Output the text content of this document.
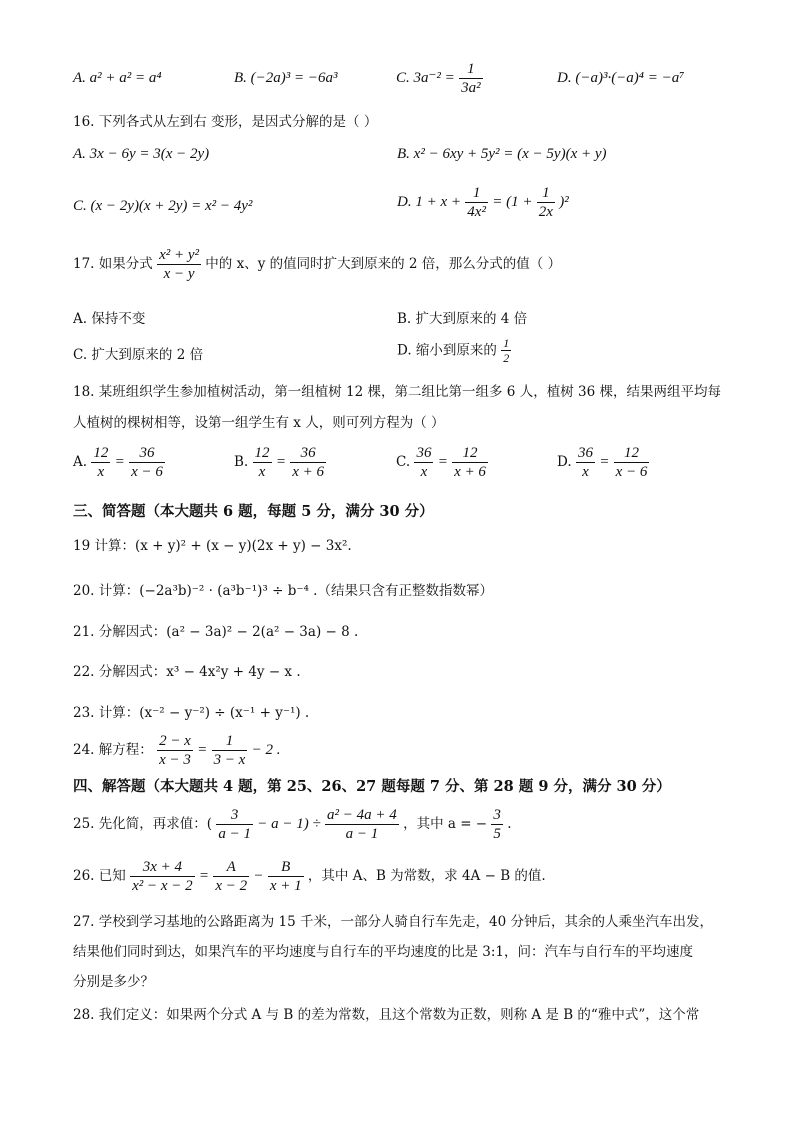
A. a² + a² = a⁴	B. (−2a)³ = −6a³	C. $3a^{-2} = \frac{1}{\text{3a²}}$	D. (−a)³·(−a)⁴ = −a⁷
16. 下列各式从左到右 变形，是因式分解的是（ ）
A. 3x − 6y = 3(x − 2y)	B. x² − 6xy + 5y² = (x − 5y)(x + y)
C. (x − 2y)(x + 2y) = x² − 4y²	D. $1 + x + \frac{1}{\text{4x²}} = (1 + \frac{1}{2x} )^2$
17. 如果分式 $\frac{\text{x² + y²}}{x - y}$ 中的 x、y 的值同时扩大到原来的 2 倍，那么分式的值（ ）
A. 保持不变	B. 扩大到原来的 4 倍
C. 扩大到原来的 2 倍	D. 缩小到原来的 $\frac{1}{2}$
18. 某班组织学生参加植树活动，第一组植树 12 棵，第二组比第一组多 6 人，植树 36 棵，结果两组平均每
人植树的棵树相等，设第一组学生有 x 人，则可列方程为（ ）
A. $\frac{12}{x} = \frac{36}{x - 6}$	B. $\frac{12}{x} = \frac{36}{x + 6}$	C. $\frac{36}{x} = \frac{12}{x + 6}$	D. $\frac{36}{x} = \frac{12}{x - 6}$
三、简答题（本大题共 6 题，每题 5 分，满分 30 分）
19 计算：(x + y)² + (x − y)(2x + y) − 3x².
20. 计算：(−2a³b)⁻² · (a³b⁻¹)³ ÷ b⁻⁴ .（结果只含有正整数指数幂）
21. 分解因式：(a² − 3a)² − 2(a² − 3a) − 8 .
22. 分解因式：x³ − 4x²y + 4y − x .
23. 计算：(x⁻² − y⁻²) ÷ (x⁻¹ + y⁻¹) .
24. 解方程： $\frac{2 - x}{x - 3} = \frac{1}{3 - x} - 2$ .
四、解答题（本大题共 4 题，第 25、26、27 题每题 7 分、第 28 题 9 分，满分 30 分）
25. 先化简，再求值：( $\frac{3}{a - 1} - a - 1) \div \frac{\text{a² − 4a + 4}}{a - 1}$ ，其中 a = − $\frac{3}{5}$ .
26. 已知 $\frac{3x + 4}{\text{x² − x − 2}} = \frac{A}{x - 2} - \frac{B}{x + 1}$ ，其中 A、B 为常数，求 4A − B 的值.
27. 学校到学习基地的公路距离为 15 千米，一部分人骑自行车先走，40 分钟后，其余的人乘坐汽车出发，
结果他们同时到达，如果汽车的平均速度与自行车的平均速度的比是 3:1，问：汽车与自行车的平均速度
分别是多少？
28. 我们定义：如果两个分式 A 与 B 的差为常数，且这个常数为正数，则称 A 是 B 的“雅中式”，这个常
